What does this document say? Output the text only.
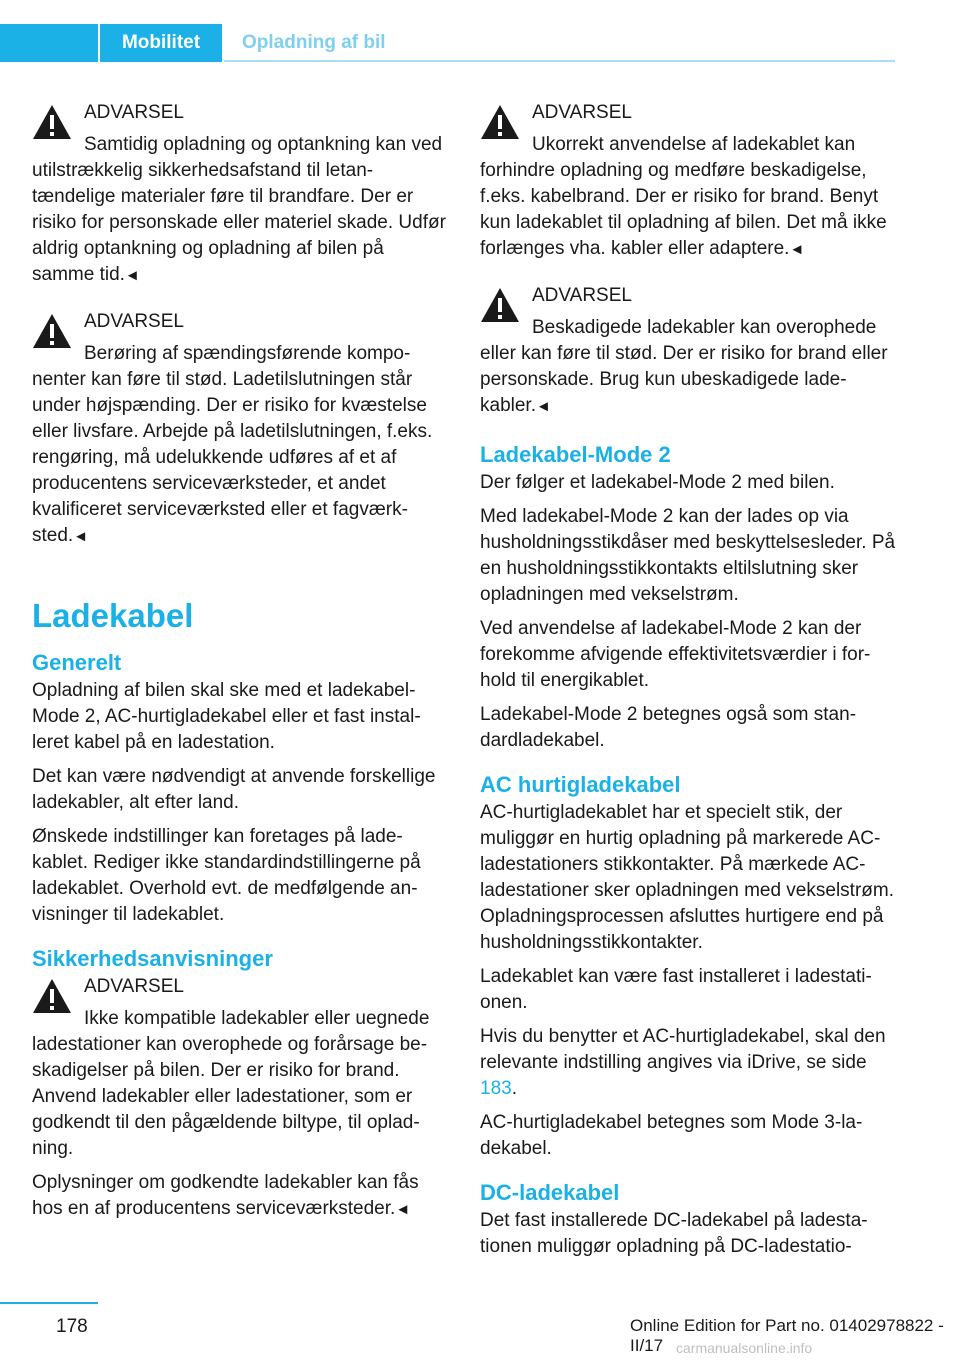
Mobilitet	Opladning af bil
ADVARSEL

Samtidig opladning og optankning kan ved utilstrækkelig sikkerhedsafstand til letantændelige materialer føre til brandfare. Der er risiko for personskade eller materiel skade. Udfør aldrig optankning og opladning af bilen på samme tid.◄

ADVARSEL

Berøring af spændingsførende komponenter kan føre til stød. Ladetilslutningen står under højspænding. Der er risiko for kvæstelse eller livsfare. Arbejde på ladetilslutningen, f.eks. rengøring, må udelukkende udføres af et af producentens serviceværksteder, et andet kvalificeret serviceværksted eller et fagværksted.◄

Ladekabel
Generelt

Opladning af bilen skal ske med et ladekabel-Mode 2, AC-hurtigladekabel eller et fast installeret kabel på en ladestation.

Det kan være nødvendigt at anvende forskellige ladekabler, alt efter land.

Ønskede indstillinger kan foretages på ladekablet. Rediger ikke standardindstillingerne på ladekablet. Overhold evt. de medfølgende anvisninger til ladekablet.

Sikkerhedsanvisninger
ADVARSEL

Ikke kompatible ladekabler eller uegnede ladestationer kan overophede og forårsage beskadigelser på bilen. Der er risiko for brand. Anvend ladekabler eller ladestationer, som er godkendt til den pågældende biltype, til opladning.

Oplysninger om godkendte ladekabler kan fås hos en af producentens serviceværksteder.◄

ADVARSEL

Ukorrekt anvendelse af ladekablet kan forhindre opladning og medføre beskadigelse, f.eks. kabelbrand. Der er risiko for brand. Benyt kun ladekablet til opladning af bilen. Det må ikke forlænges vha. kabler eller adaptere.◄

ADVARSEL

Beskadigede ladekabler kan overophede eller kan føre til stød. Der er risiko for brand eller personskade. Brug kun ubeskadigede ladekabler.◄

Ladekabel-Mode 2

Der følger et ladekabel-Mode 2 med bilen.

Med ladekabel-Mode 2 kan der lades op via husholdningsstikdåser med beskyttelsesleder. På en husholdningsstikkontakts eltilslutning sker opladningen med vekselstrøm.

Ved anvendelse af ladekabel-Mode 2 kan der forekomme afvigende effektivitetsværdier i forhold til energikablet.

Ladekabel-Mode 2 betegnes også som standardladekabel.

AC hurtigladekabel

AC-hurtigladekablet har et specielt stik, der muliggør en hurtig opladning på markerede AC-ladestationers stikkontakter. På mærkede AC-ladestationer sker opladningen med vekselstrøm. Opladningsprocessen afsluttes hurtigere end på husholdningsstikkontakter.

Ladekablet kan være fast installeret i ladestationen.

Hvis du benytter et AC-hurtigladekabel, skal den relevante indstilling angives via iDrive, se side 183.

AC-hurtigladekabel betegnes som Mode 3-ladekabel.

DC-ladekabel

Det fast installerede DC-ladekabel på ladestationen muliggør opladning på DC-ladestatio-

178	Online Edition for Part no. 01402978822 - II/17 carmanualsonline.info
